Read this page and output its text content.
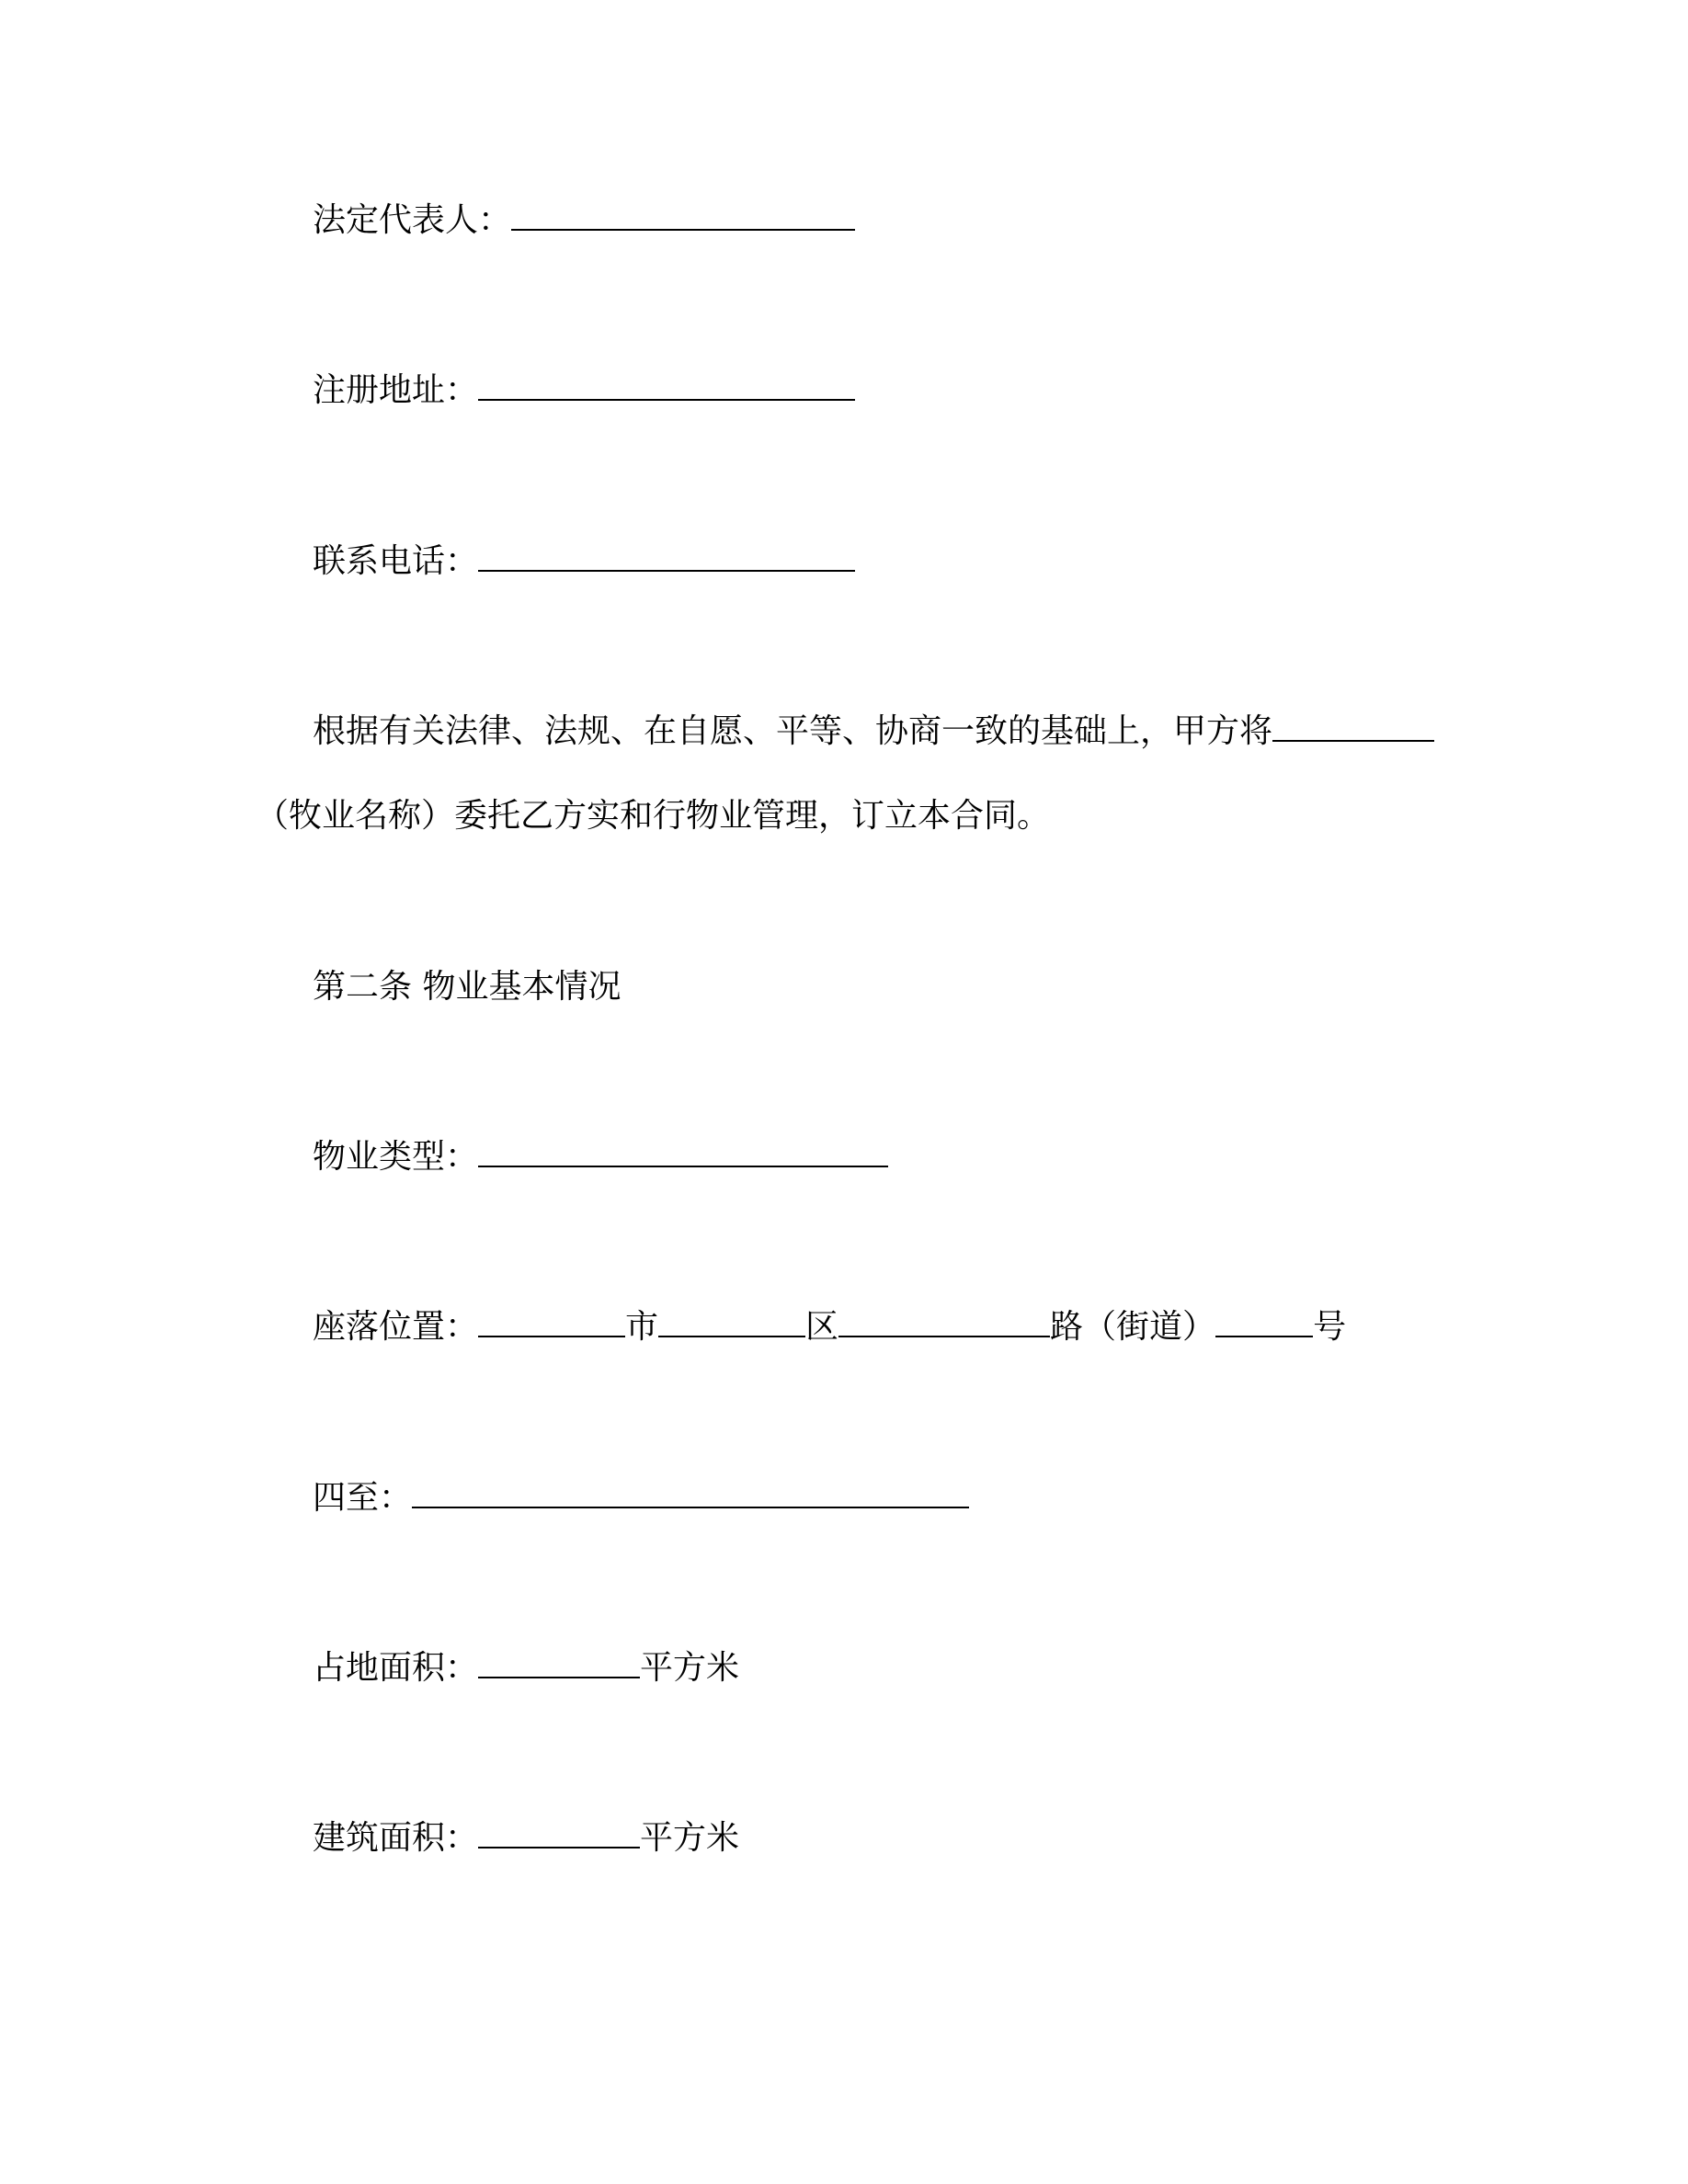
法定代表人：
注册地址：
联系电话：
根据有关法律、法规、在自愿、平等、协商一致的基础上，甲方将
（牧业名称）委托乙方实和行物业管理，订立本合同。
第二条 物业基本情况
物业类型：
座落位置：	市	区	路（街道）	号
四至：
占地面积：	平方米
建筑面积：	平方米
